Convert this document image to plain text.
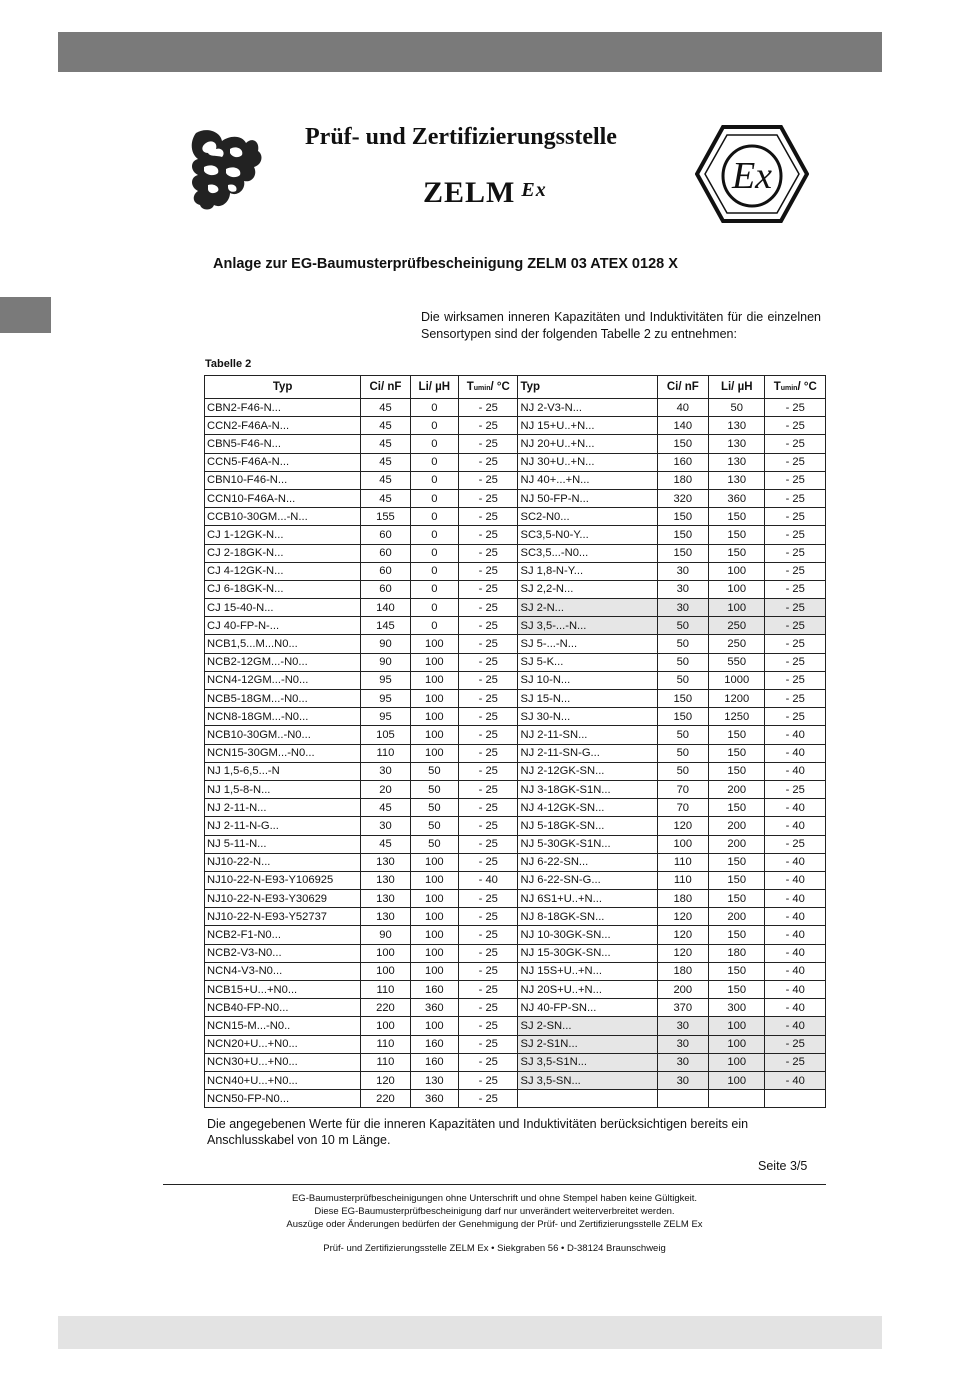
Prüf- und Zertifizierungsstelle
ZELM $^{Ex}$	Ex
Anlage zur EG-Baumusterprüfbescheinigung ZELM 03 ATEX 0128 X
Die wirksamen inneren Kapazitäten und Induktivitäten für die einzelnen Sensortypen sind der folgenden Tabelle 2 zu entnehmen:
Tabelle 2
Typ	Ci/ nF	Li/ µH	Tumin/ °C	Typ	Ci/ nF	Li/ µH	Tumin/ °C
CBN2-F46-N...	45	0	- 25	NJ 2-V3-N...	40	50	- 25
CCN2-F46A-N...	45	0	- 25	NJ 15+U..+N...	140	130	- 25
CBN5-F46-N...	45	0	- 25	NJ 20+U..+N...	150	130	- 25
CCN5-F46A-N...	45	0	- 25	NJ 30+U..+N...	160	130	- 25
CBN10-F46-N...	45	0	- 25	NJ 40+...+N...	180	130	- 25
CCN10-F46A-N...	45	0	- 25	NJ 50-FP-N...	320	360	- 25
CCB10-30GM...-N...	155	0	- 25	SC2-N0...	150	150	- 25
CJ 1-12GK-N...	60	0	- 25	SC3,5-N0-Y...	150	150	- 25
CJ 2-18GK-N...	60	0	- 25	SC3,5...-N0...	150	150	- 25
CJ 4-12GK-N...	60	0	- 25	SJ 1,8-N-Y...	30	100	- 25
CJ 6-18GK-N...	60	0	- 25	SJ 2,2-N...	30	100	- 25
CJ 15-40-N...	140	0	- 25	SJ 2-N...	30	100	- 25
CJ 40-FP-N-...	145	0	- 25	SJ 3,5-...-N...	50	250	- 25
NCB1,5...M...N0...	90	100	- 25	SJ 5-...-N...	50	250	- 25
NCB2-12GM...-N0...	90	100	- 25	SJ 5-K...	50	550	- 25
NCN4-12GM...-N0...	95	100	- 25	SJ 10-N...	50	1000	- 25
NCB5-18GM...-N0...	95	100	- 25	SJ 15-N...	150	1200	- 25
NCN8-18GM...-N0...	95	100	- 25	SJ 30-N...	150	1250	- 25
NCB10-30GM..-N0...	105	100	- 25	NJ 2-11-SN...	50	150	- 40
NCN15-30GM...-N0...	110	100	- 25	NJ 2-11-SN-G...	50	150	- 40
NJ 1,5-6,5...-N	30	50	- 25	NJ 2-12GK-SN...	50	150	- 40
NJ 1,5-8-N...	20	50	- 25	NJ 3-18GK-S1N...	70	200	- 25
NJ 2-11-N...	45	50	- 25	NJ 4-12GK-SN...	70	150	- 40
NJ 2-11-N-G...	30	50	- 25	NJ 5-18GK-SN...	120	200	- 40
NJ 5-11-N...	45	50	- 25	NJ 5-30GK-S1N...	100	200	- 25
NJ10-22-N...	130	100	- 25	NJ 6-22-SN...	110	150	- 40
NJ10-22-N-E93-Y106925	130	100	- 40	NJ 6-22-SN-G...	110	150	- 40
NJ10-22-N-E93-Y30629	130	100	- 25	NJ 6S1+U..+N...	180	150	- 40
NJ10-22-N-E93-Y52737	130	100	- 25	NJ 8-18GK-SN...	120	200	- 40
NCB2-F1-N0...	90	100	- 25	NJ 10-30GK-SN...	120	150	- 40
NCB2-V3-N0...	100	100	- 25	NJ 15-30GK-SN...	120	180	- 40
NCN4-V3-N0...	100	100	- 25	NJ 15S+U..+N...	180	150	- 40
NCB15+U...+N0...	110	160	- 25	NJ 20S+U..+N...	200	150	- 40
NCB40-FP-N0...	220	360	- 25	NJ 40-FP-SN...	370	300	- 40
NCN15-M...-N0..	100	100	- 25	SJ 2-SN...	30	100	- 40
NCN20+U...+N0...	110	160	- 25	SJ 2-S1N...	30	100	- 25
NCN30+U...+N0...	110	160	- 25	SJ 3,5-S1N...	30	100	- 25
NCN40+U...+N0...	120	130	- 25	SJ 3,5-SN...	30	100	- 40
NCN50-FP-N0...	220	360	- 25				
Die angegebenen Werte für die inneren Kapazitäten und Induktivitäten berücksichtigen bereits ein Anschlusskabel von 10 m Länge.
Seite 3/5
EG-Baumusterprüfbescheinigungen ohne Unterschrift und ohne Stempel haben keine Gültigkeit.
Diese EG-Baumusterprüfbescheinigung darf nur unverändert weiterverbreitet werden.
Auszüge oder Änderungen bedürfen der Genehmigung der Prüf- und Zertifizierungsstelle ZELM Ex
Prüf- und Zertifizierungsstelle ZELM Ex • Siekgraben 56 • D-38124 Braunschweig
